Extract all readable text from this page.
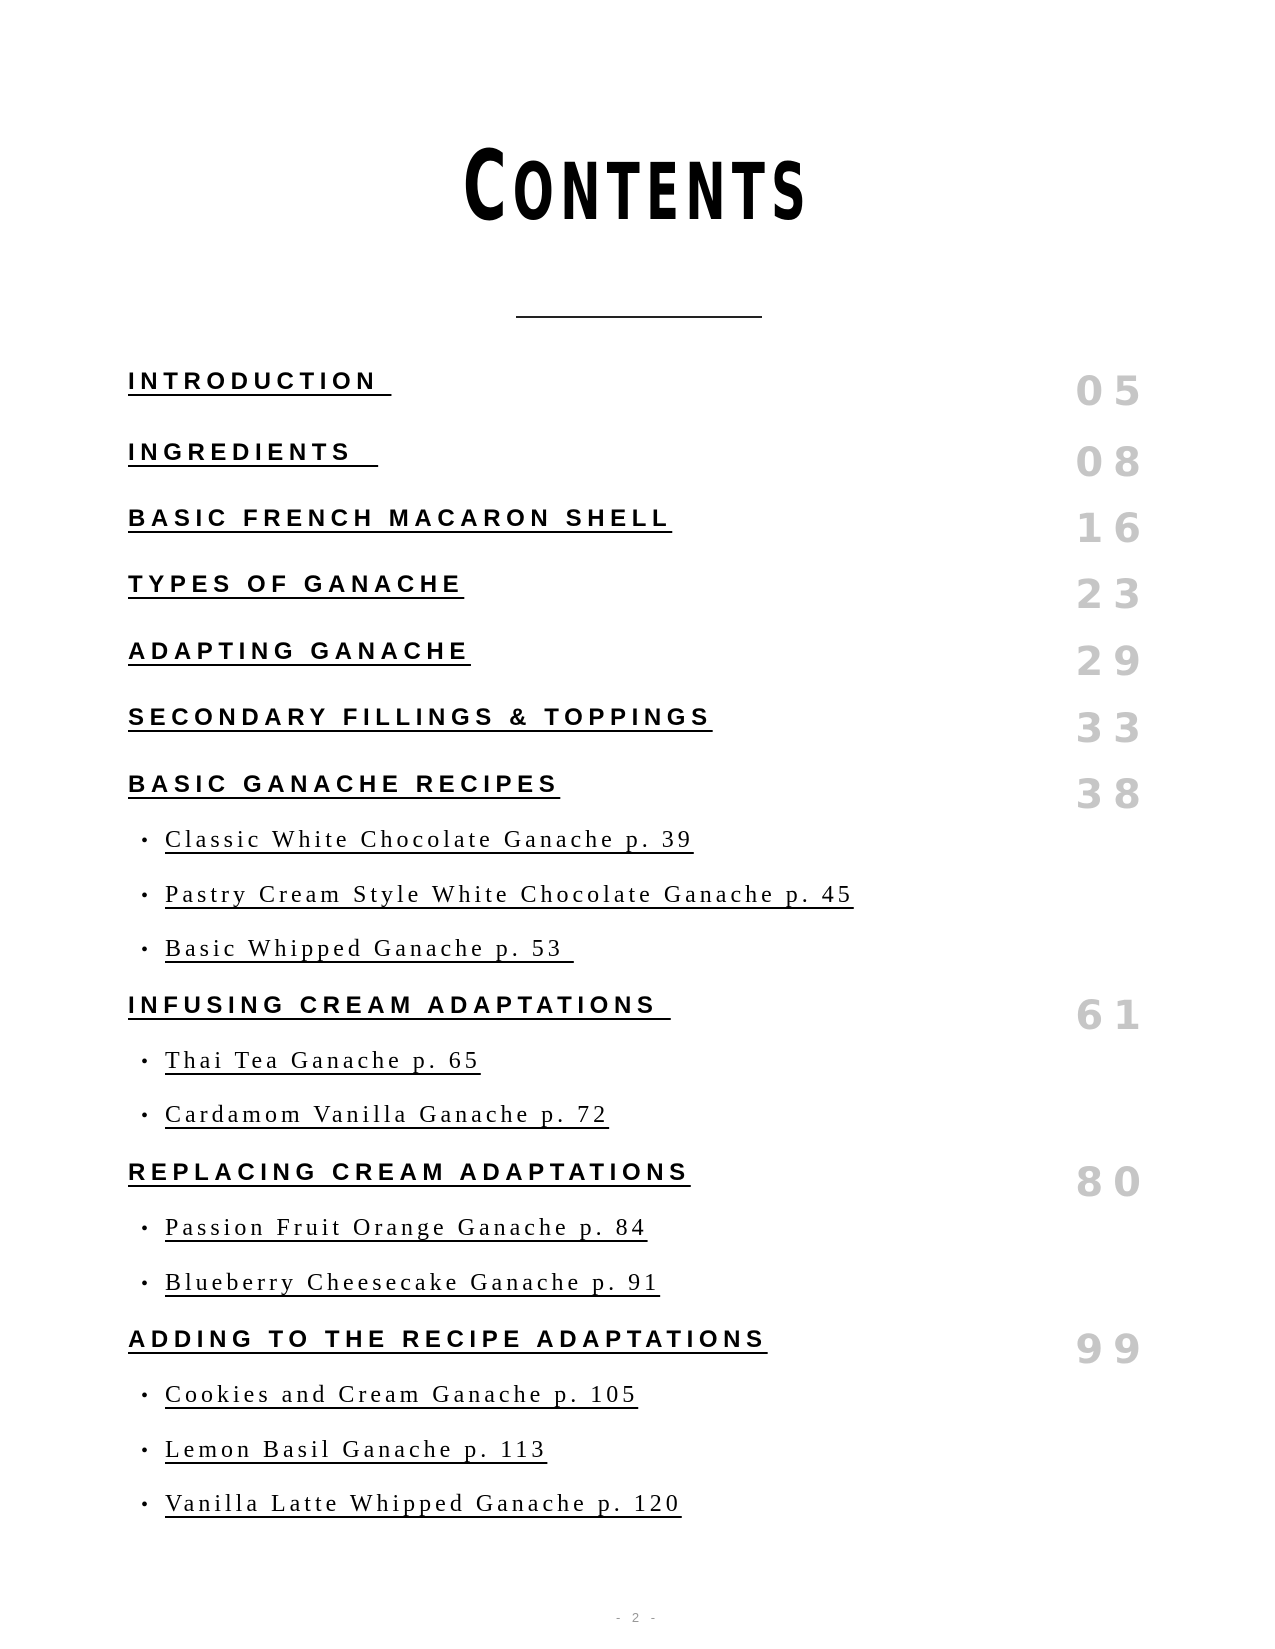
CONTENTS
INTRODUCTION	05
INGREDIENTS	08
BASIC FRENCH MACARON SHELL	16
TYPES OF GANACHE	23
ADAPTING GANACHE	29
SECONDARY FILLINGS & TOPPINGS	33
BASIC GANACHE RECIPES	38
• Classic White Chocolate Ganache p. 39
• Pastry Cream Style White Chocolate Ganache p. 45
• Basic Whipped Ganache p. 53
INFUSING CREAM ADAPTATIONS	61
• Thai Tea Ganache p. 65
• Cardamom Vanilla Ganache p. 72
REPLACING CREAM ADAPTATIONS	80
• Passion Fruit Orange Ganache p. 84
• Blueberry Cheesecake Ganache p. 91
ADDING TO THE RECIPE ADAPTATIONS	99
• Cookies and Cream Ganache p. 105
• Lemon Basil Ganache p. 113
• Vanilla Latte Whipped Ganache p. 120
- 2 -
